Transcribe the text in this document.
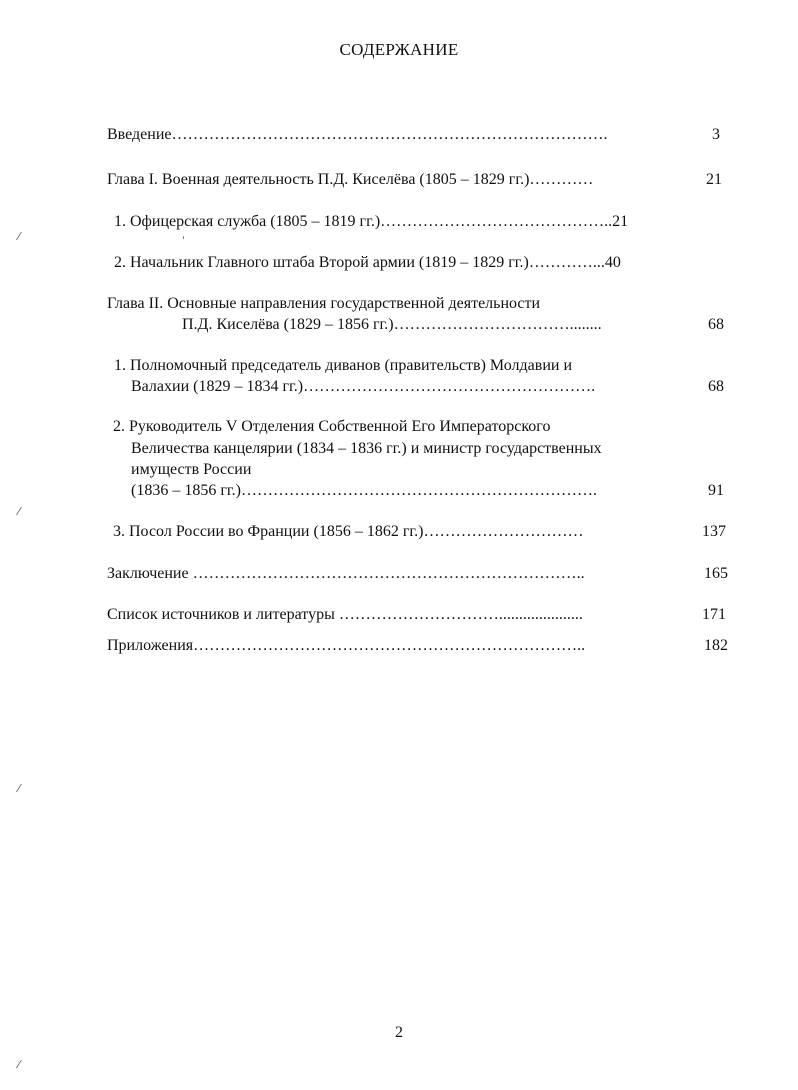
СОДЕРЖАНИЕ
Введение……………………………………………………………………….	3
Глава I. Военная деятельность П.Д. Киселёва (1805 – 1829 гг.)…………	21
1. Офицерская служба (1805 – 1819 гг.)……………………………………..21
2. Начальник Главного штаба Второй армии (1819 – 1829 гг.)…………...40
Глава II. Основные направления государственной деятельности
П.Д. Киселёва (1829 – 1856 гг.)……………………………........	68
1. Полномочный председатель диванов (правительств) Молдавии и
Валахии (1829 – 1834 гг.)……………………………………………….	68
2. Руководитель V Отделения Собственной Его Императорского
Величества канцелярии (1834 – 1836 гг.) и министр государственных
имуществ России
(1836 – 1856 гг.)………………………………………………………….	91
3. Посол России во Франции (1856 – 1862 гг.)…………………………	137
Заключение ………………………………………………………………..	165
Список источников и литературы ………………………….....................	171
Приложения………………………………………………………………..	182
2
⁄
⁄
⁄
⁄
ˈ
